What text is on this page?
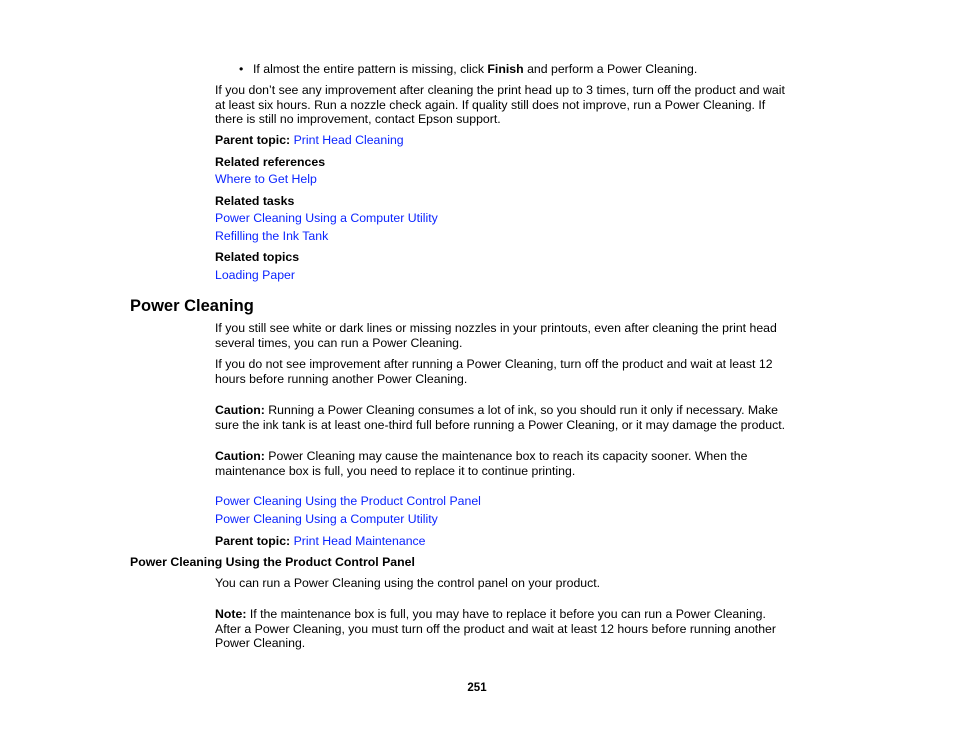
• If almost the entire pattern is missing, click Finish and perform a Power Cleaning.
If you don’t see any improvement after cleaning the print head up to 3 times, turn off the product and wait
at least six hours. Run a nozzle check again. If quality still does not improve, run a Power Cleaning. If
there is still no improvement, contact Epson support.
Parent topic: Print Head Cleaning
Related references
Where to Get Help
Related tasks
Power Cleaning Using a Computer Utility
Refilling the Ink Tank
Related topics
Loading Paper
Power Cleaning
If you still see white or dark lines or missing nozzles in your printouts, even after cleaning the print head
several times, you can run a Power Cleaning.
If you do not see improvement after running a Power Cleaning, turn off the product and wait at least 12
hours before running another Power Cleaning.
Caution: Running a Power Cleaning consumes a lot of ink, so you should run it only if necessary. Make
sure the ink tank is at least one-third full before running a Power Cleaning, or it may damage the product.
Caution: Power Cleaning may cause the maintenance box to reach its capacity sooner. When the
maintenance box is full, you need to replace it to continue printing.
Power Cleaning Using the Product Control Panel
Power Cleaning Using a Computer Utility
Parent topic: Print Head Maintenance
Power Cleaning Using the Product Control Panel
You can run a Power Cleaning using the control panel on your product.
Note: If the maintenance box is full, you may have to replace it before you can run a Power Cleaning.
After a Power Cleaning, you must turn off the product and wait at least 12 hours before running another
Power Cleaning.
251
